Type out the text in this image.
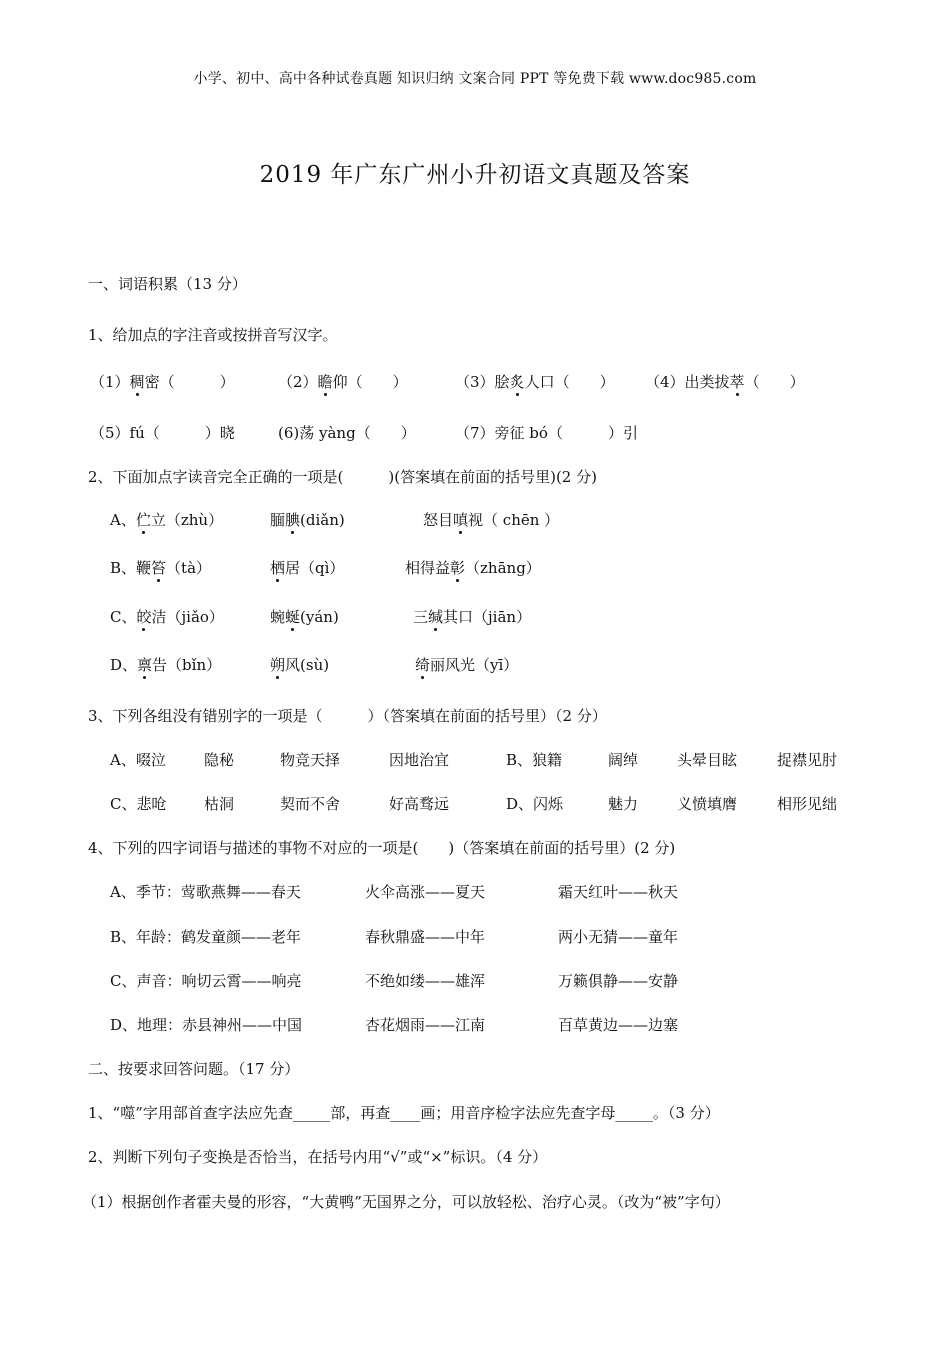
小学、初中、高中各种试卷真题 知识归纳 文案合同 PPT 等免费下载 www.doc985.com
2019 年广东广州小升初语文真题及答案
一、词语积累（13 分）
1、给加点的字注音或按拼音写汉字。
（1）稠密（　　　）	（2）瞻仰（　　）	（3）脍炙人口（　　） （4）出类拔萃（　　）
（5）fú（　　　）晓	(6)荡 yàng（　　）	（7）旁征 bó（　　　）引
2、下面加点字读音完全正确的一项是(　　　)(答案填在前面的括号里)(2 分)
A、伫立（zhù）	腼腆(diǎn)	怒目嗔视（ chēn ）
B、鞭笞（tà）	栖居（qì）	相得益彰（zhāng）
C、皎洁（jiǎo）	蜿蜒(yán)	三缄其口（jiān）
D、禀告（bǐn）	朔风(sù)	绮丽风光（yī）
3、下列各组没有错别字的一项是（　　　）（答案填在前面的括号里）（2 分）
A、啜泣	隐秘	物竞天择	因地治宜	B、狼籍	阔绰	头晕目眩	捉襟见肘
C、悲呛	枯洞	契而不舍	好高骛远	D、闪烁	魅力	义愤填膺	相形见绌
4、下列的四字词语与描述的事物不对应的一项是(　　)（答案填在前面的括号里）(2 分)
A、季节：莺歌燕舞——春天	火伞高涨——夏天	霜天红叶——秋天
B、年龄：鹤发童颜——老年	春秋鼎盛——中年	两小无猜——童年
C、声音：响切云霄——响亮	不绝如缕——雄浑	万籁俱静——安静
D、地理：赤县神州——中国	杏花烟雨——江南	百草黄边——边塞
二、按要求回答问题。（17 分）
1、“噬”字用部首查字法应先查_____部，再查____画；用音序检字法应先查字母_____。（3 分）
2、判断下列句子变换是否恰当，在括号内用“√”或“×”标识。（4 分）
（1）根据创作者霍夫曼的形容，“大黄鸭”无国界之分，可以放轻松、治疗心灵。（改为“被”字句）
